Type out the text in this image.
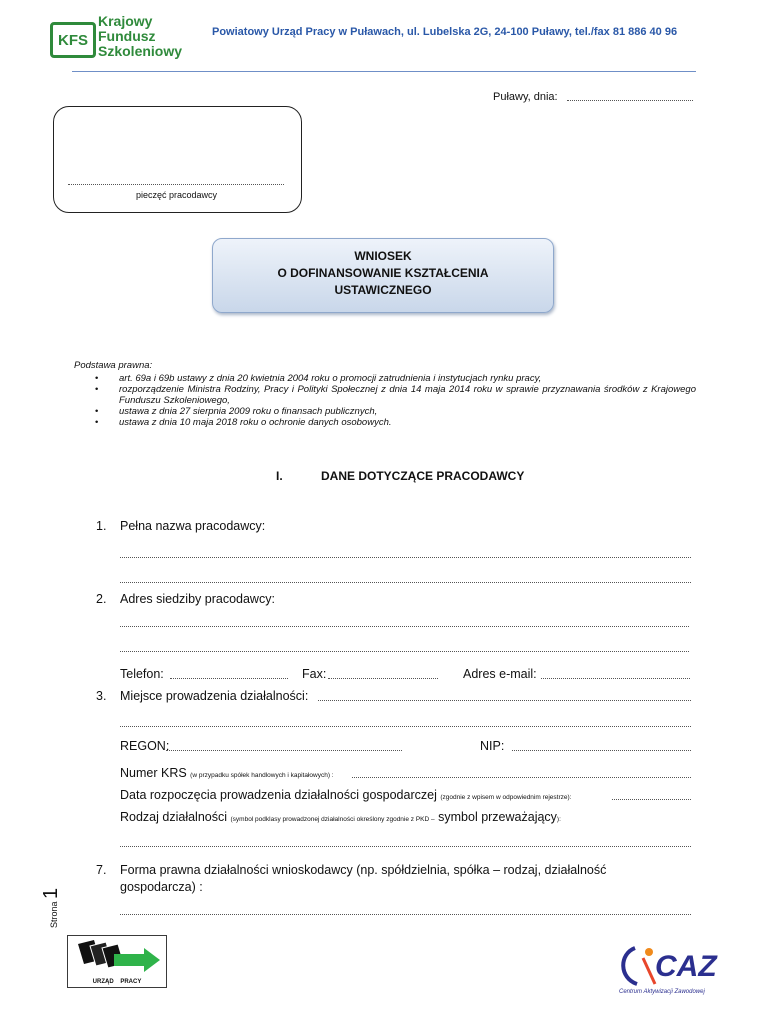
KFS
Krajowy
Fundusz
Szkoleniowy
Powiatowy Urząd Pracy w Puławach, ul. Lubelska 2G, 24-100 Puławy, tel./fax 81 886 40 96
Puławy, dnia:
pieczęć pracodawcy
WNIOSEK
O DOFINANSOWANIE KSZTAŁCENIA
USTAWICZNEGO
Podstawa prawna:
• art. 69a i 69b ustawy z dnia 20 kwietnia 2004 roku o promocji zatrudnienia i instytucjach rynku pracy,
• rozporządzenie Ministra Rodziny, Pracy i Polityki Społecznej z dnia 14 maja 2014 roku w sprawie przyznawania środków z Krajowego Funduszu Szkoleniowego,
• ustawa z dnia 27 sierpnia 2009 roku o finansach publicznych,
• ustawa z dnia 10 maja 2018 roku o ochronie danych osobowych.
I.	DANE DOTYCZĄCE PRACODAWCY
1. Pełna nazwa pracodawcy:
2. Adres siedziby pracodawcy:
Telefon:	Fax:	Adres e-mail:
3. Miejsce prowadzenia działalności:
REGON:	NIP:
Numer KRS (w przypadku spółek handlowych i kapitałowych) :
Data rozpoczęcia prowadzenia działalności gospodarczej (zgodnie z wpisem w odpowiednim rejestrze):
Rodzaj działalności (symbol podklasy prowadzonej działalności określony zgodnie z PKD – symbol przeważający):
7. Forma prawna działalności wnioskodawcy (np. spółdzielnia, spółka – rodzaj, działalność
gospodarcza) :
Strona 1
URZĄD    PRACY	CAZ
Centrum Aktywizacji Zawodowej
